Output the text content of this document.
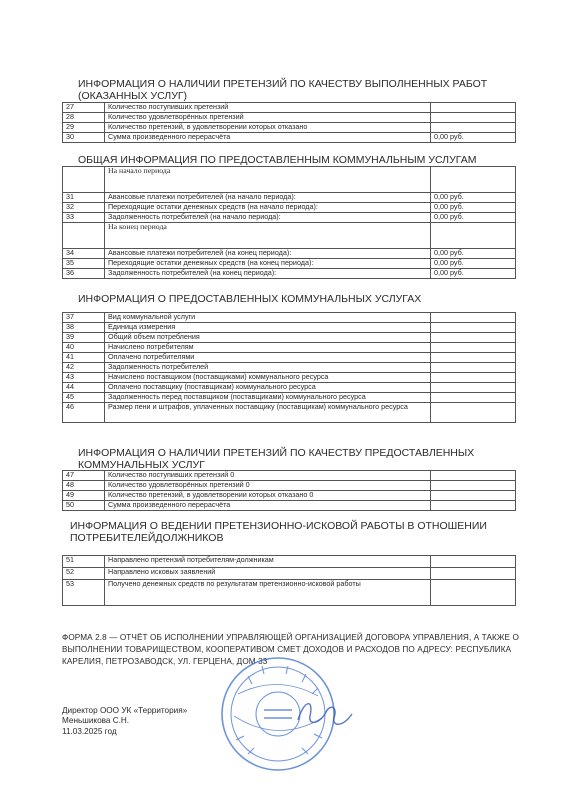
ИНФОРМАЦИЯ О НАЛИЧИИ ПРЕТЕНЗИЙ ПО КАЧЕСТВУ ВЫПОЛНЕННЫХ РАБОТ (ОКАЗАННЫХ УСЛУГ)
27	Количество поступивших претензий	
28	Количество удовлетворённых претензий	
29	Количество претензий, в удовлетворении которых отказано	
30	Сумма произведенного перерасчёта	0,00 руб.
ОБЩАЯ ИНФОРМАЦИЯ ПО ПРЕДОСТАВЛЕННЫМ КОММУНАЛЬНЫМ УСЛУГАМ
	На начало периода	
31	Авансовые платежи потребителей (на начало периода):	0,00 руб.
32	Переходящие остатки денежных средств (на начало периода):	0,00 руб.
33	Задолженность потребителей (на начало периода):	0,00 руб.
	На конец периода	
34	Авансовые платежи потребителей (на конец периода):	0,00 руб.
35	Переходящие остатки денежных средств (на конец периода):	0,00 руб.
36	Задолженность потребителей (на конец периода):	0,00 руб.
ИНФОРМАЦИЯ О ПРЕДОСТАВЛЕННЫХ КОММУНАЛЬНЫХ УСЛУГАХ
37	Вид коммунальной услуги	
38	Единица измерения	
39	Общий объем потребления	
40	Начислено потребителям	
41	Оплачено потребителями	
42	Задолженность потребителей	
43	Начислено поставщиком (поставщиками) коммунального ресурса	
44	Оплачено поставщику (поставщикам) коммунального ресурса	
45	Задолженность перед поставщиком (поставщиками) коммунального ресурса	
46	Размер пени и штрафов, уплаченных поставщику (поставщикам) коммунального ресурса	
ИНФОРМАЦИЯ О НАЛИЧИИ ПРЕТЕНЗИЙ ПО КАЧЕСТВУ ПРЕДОСТАВЛЕННЫХ КОММУНАЛЬНЫХ УСЛУГ
47	Количество поступивших претензий 0	
48	Количество удовлетворённых претензий 0	
49	Количество претензий, в удовлетворении которых отказано 0	
50	Сумма произведенного перерасчёта	
ИНФОРМАЦИЯ О ВЕДЕНИИ ПРЕТЕНЗИОННО-ИСКОВОЙ РАБОТЫ В ОТНОШЕНИИ ПОТРЕБИТЕЛЕЙДОЛЖНИКОВ
51	Направлено претензий потребителям-должникам	
52	Направлено исковых заявлений	
53	Получено денежных средств по результатам претензионно-исковой работы	
ФОРМА 2.8 — ОТЧЁТ ОБ ИСПОЛНЕНИИ УПРАВЛЯЮЩЕЙ ОРГАНИЗАЦИЕЙ ДОГОВОРА УПРАВЛЕНИЯ, А ТАКЖЕ О ВЫПОЛНЕНИИ ТОВАРИЩЕСТВОМ, КООПЕРАТИВОМ СМЕТ ДОХОДОВ И РАСХОДОВ ПО АДРЕСУ: РЕСПУБЛИКА КАРЕЛИЯ, ПЕТРОЗАВОДСК, УЛ. ГЕРЦЕНА, ДОМ 33
Директор ООО УК «Территория»
Меньшикова С.Н.
11.03.2025 год
